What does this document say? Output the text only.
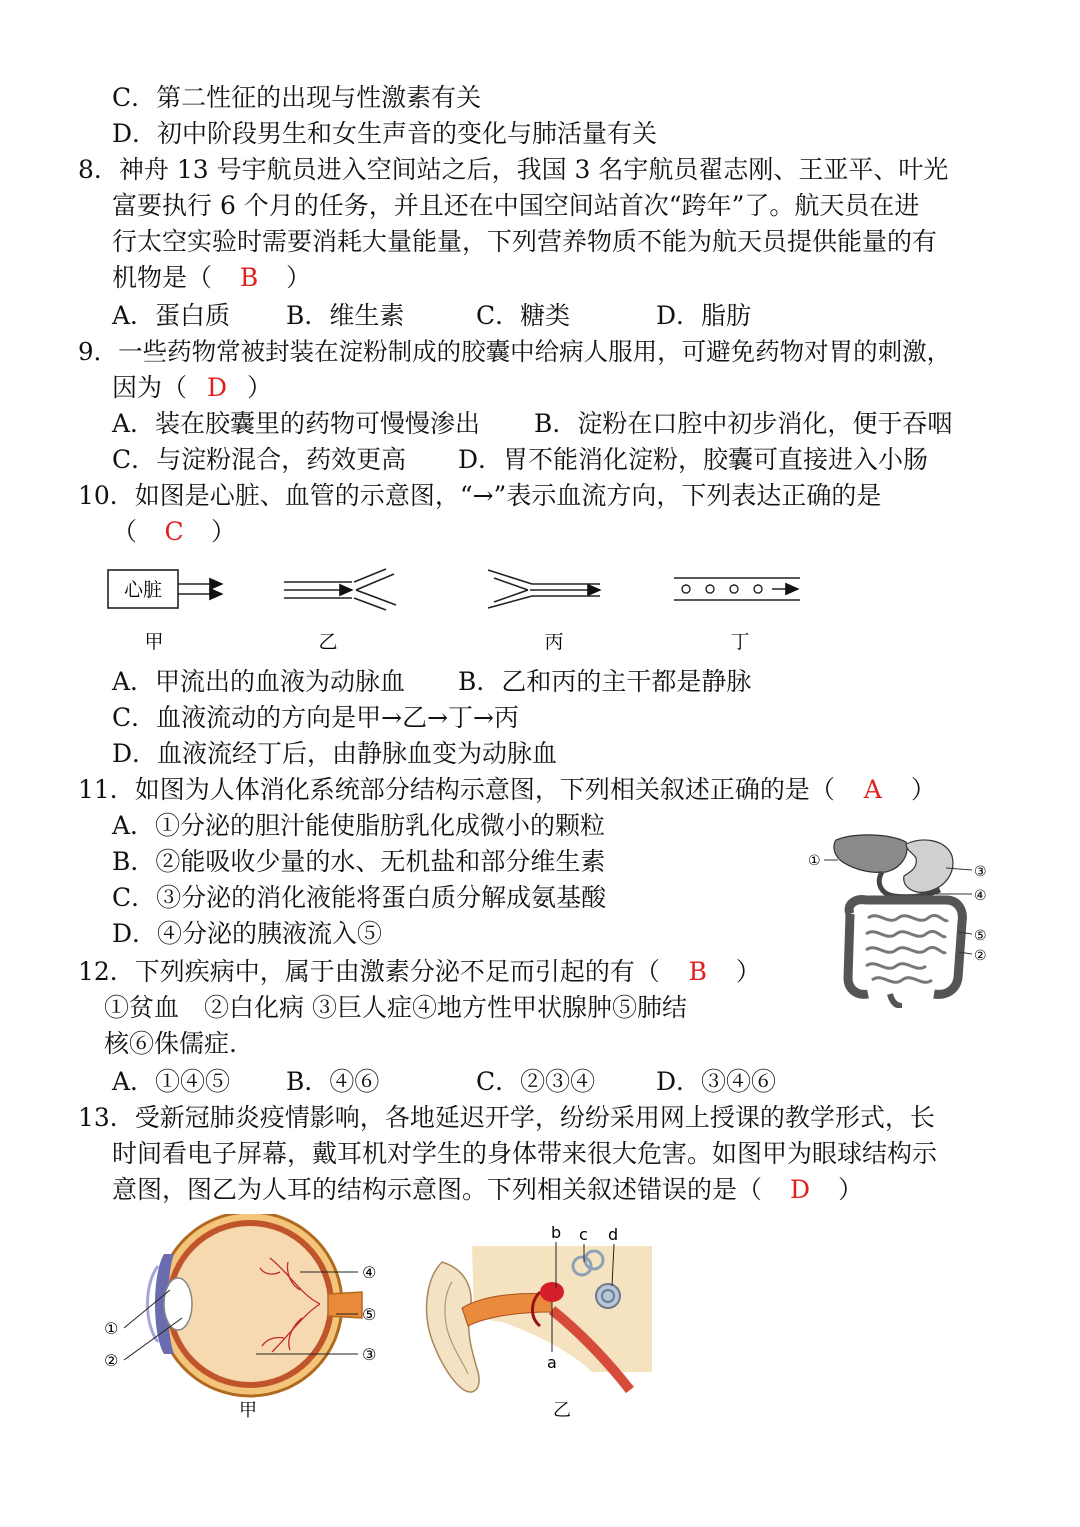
C．第二性征的出现与性激素有关
D．初中阶段男生和女生声音的变化与肺活量有关
8．神舟 13 号宇航员进入空间站之后，我国 3 名宇航员翟志刚、王亚平、叶光
富要执行 6 个月的任务，并且还在中国空间站首次“跨年”了。航天员在进
行太空实验时需要消耗大量能量，下列营养物质不能为航天员提供能量的有
机物是（ B ）
A．蛋白质 B．维生素	C．糖类	D．脂肪
9．一些药物常被封装在淀粉制成的胶囊中给病人服用，可避免药物对胃的刺激，
因为（ D ）
A．装在胶囊里的药物可慢慢渗出 B．淀粉在口腔中初步消化，便于吞咽
C．与淀粉混合，药效更高 D．胃不能消化淀粉，胶囊可直接进入小肠
10．如图是心脏、血管的示意图，“→”表示血流方向，下列表达正确的是
（ C ）
心脏
甲	乙	丙	丁
A．甲流出的血液为动脉血 B．乙和丙的主干都是静脉
C．血液流动的方向是甲→乙→丁→丙
D．血液流经丁后，由静脉血变为动脉血
11．如图为人体消化系统部分结构示意图，下列相关叙述正确的是（ A ）
A．①分泌的胆汁能使脂肪乳化成微小的颗粒
B．②能吸收少量的水、无机盐和部分维生素
C．③分泌的消化液能将蛋白质分解成氨基酸
D．④分泌的胰液流入⑤
①
③
④
⑤
②
12．下列疾病中，属于由激素分泌不足而引起的有（ B ）
①贫血　②白化病 ③巨人症④地方性甲状腺肿⑤肺结
核⑥侏儒症.
A．①④⑤ B．④⑥	C．②③④ D．③④⑥
13．受新冠肺炎疫情影响，各地延迟开学，纷纷采用网上授课的教学形式，长
时间看电子屏幕，戴耳机对学生的身体带来很大危害。如图甲为眼球结构示
意图，图乙为人耳的结构示意图。下列相关叙述错误的是（ D ）
④
⑤
①
③
②
甲
b c d
a
乙
